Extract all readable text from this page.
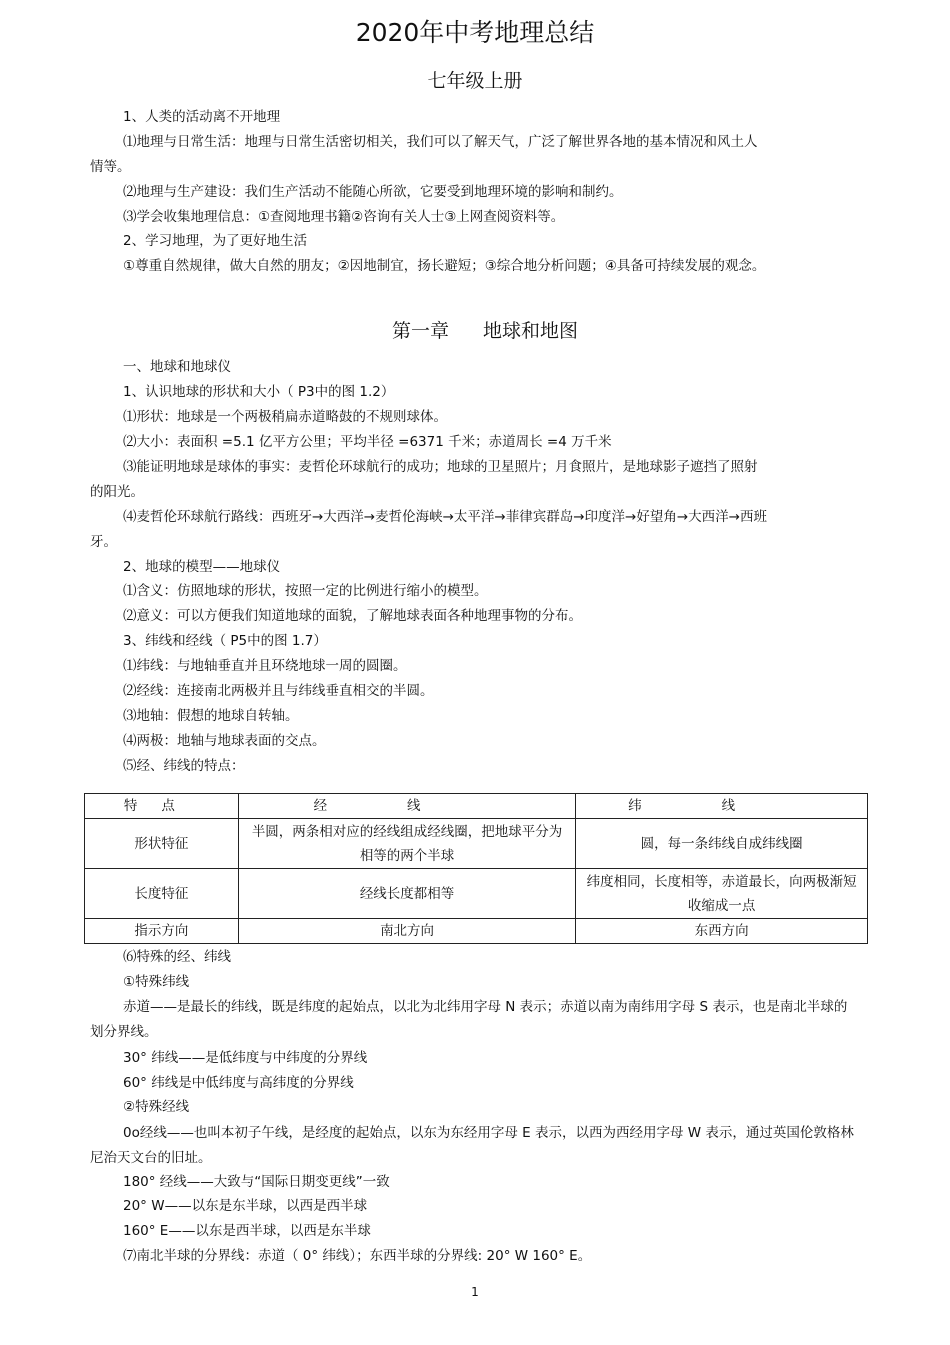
2020年中考地理总结
七年级上册

1、人类的活动离不开地理

⑴地理与日常生活：地理与日常生活密切相关，我们可以了解天气，广泛了解世界各地的基本情况和风土人情等。

⑵地理与生产建设：我们生产活动不能随心所欲，它要受到地理环境的影响和制约。

⑶学会收集地理信息：①查阅地理书籍②咨询有关人士③上网查阅资料等。

2、学习地理，为了更好地生活

①尊重自然规律，做大自然的朋友；②因地制宜，扬长避短；③综合地分析问题；④具备可持续发展的观念。

第一章 地球和地图

一、地球和地球仪

1、认识地球的形状和大小（ P3中的图 1.2）

⑴形状：地球是一个两极稍扁赤道略鼓的不规则球体。

⑵大小：表面积 =5.1 亿平方公里；平均半径 =6371 千米；赤道周长 =4 万千米

⑶能证明地球是球体的事实：麦哲伦环球航行的成功；地球的卫星照片；月食照片，是地球影子遮挡了照射的阳光。

⑷麦哲伦环球航行路线：西班牙→大西洋→麦哲伦海峡→太平洋→菲律宾群岛→印度洋→好望角→大西洋→西班牙。

2、地球的模型——地球仪

⑴含义：仿照地球的形状，按照一定的比例进行缩小的模型。

⑵意义：可以方便我们知道地球的面貌，了解地球表面各种地理事物的分布。

3、纬线和经线（ P5中的图 1.7）

⑴纬线：与地轴垂直并且环绕地球一周的圆圈。

⑵经线：连接南北两极并且与纬线垂直相交的半圆。

⑶地轴：假想的地球自转轴。

⑷两极：地轴与地球表面的交点。

⑸经、纬线的特点：

特点	经线	纬线
形状特征	半圆，两条相对应的经线组成经线圈，把地球平分为相等的两个半球	圆，每一条纬线自成纬线圈
长度特征	经线长度都相等	纬度相同，长度相等，赤道最长，向两极渐短收缩成一点
指示方向	南北方向	东西方向

⑹特殊的经、纬线

①特殊纬线

赤道——是最长的纬线，既是纬度的起始点，以北为北纬用字母 N 表示；赤道以南为南纬用字母 S 表示，也是南北半球的划分界线。

30° 纬线——是低纬度与中纬度的分界线

60° 纬线是中低纬度与高纬度的分界线

②特殊经线

0o经线——也叫本初子午线，是经度的起始点，以东为东经用字母 E 表示，以西为西经用字母 W 表示，通过英国伦敦格林尼治天文台的旧址。

180° 经线——大致与“国际日期变更线”一致

20° W——以东是东半球，以西是西半球

160° E——以东是西半球，以西是东半球

⑺南北半球的分界线：赤道（ 0° 纬线）；东西半球的分界线: 20° W 160° E。

1
